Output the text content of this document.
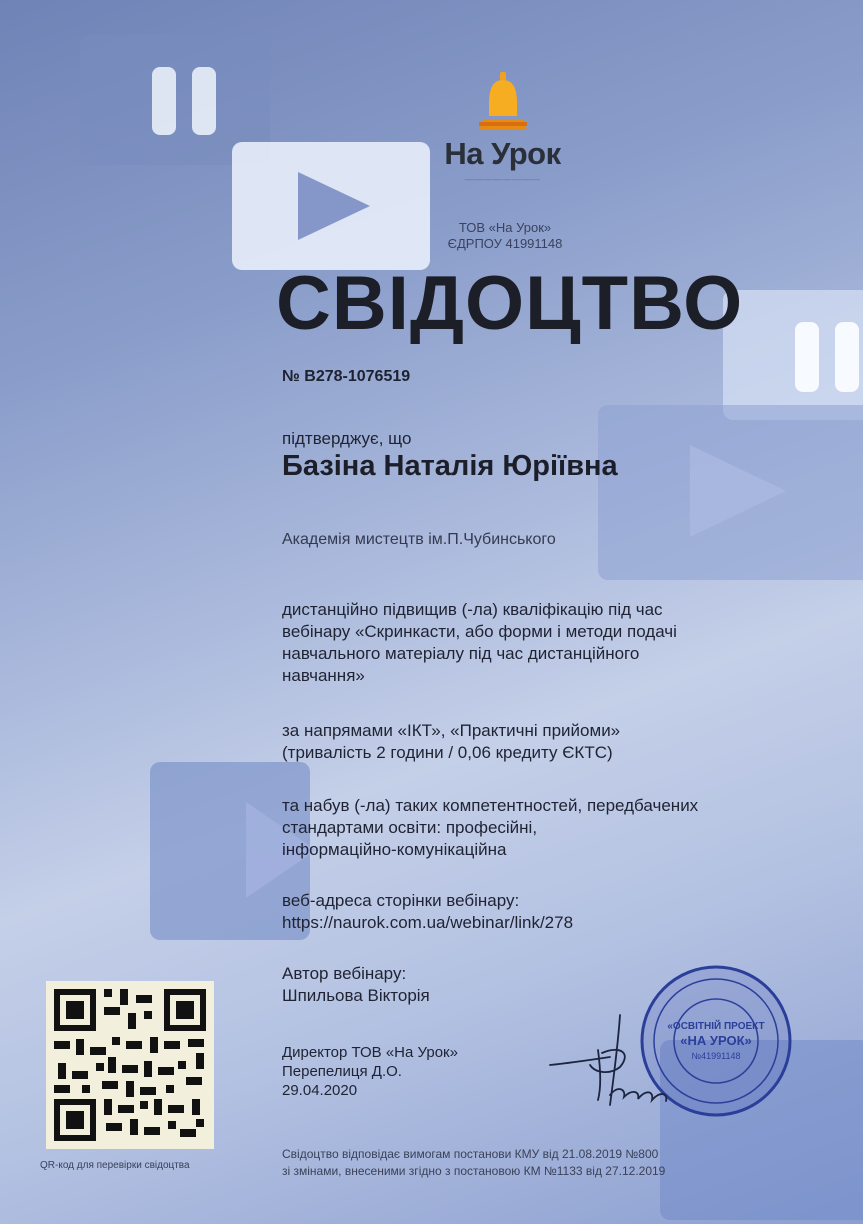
На Урок
————————
ТОВ «На Урок»
ЄДРПОУ 41991148
СВІДОЦТВО
№ B278-1076519
підтверджує, що
Базіна Наталія Юріївна
Академія мистецтв ім.П.Чубинського
дистанційно підвищив (-ла) кваліфікацію під час
вебінару «Скринкасти, або форми і методи подачі
навчального матеріалу під час дистанційного
навчання»
за напрямами «ІКТ», «Практичні прийоми»
(тривалість 2 години / 0,06 кредиту ЄКТС)
та набув (-ла) таких компетентностей, передбачених
стандартами освіти: професійні,
інформаційно-комунікаційна
веб-адреса сторінки вебінару:
https://naurok.com.ua/webinar/link/278
Автор вебінару:
Шпильова Вікторія
Директор ТОВ «На Урок»
Перепелиця Д.О.
29.04.2020
QR-код для перевірки свідоцтва
«ОСВІТНІЙ ПРОЕКТ
«НА УРОК»
№41991148
Свідоцтво відповідає вимогам постанови КМУ від 21.08.2019 №800
зі змінами, внесеними згідно з постановою КМ №1133 від 27.12.2019
